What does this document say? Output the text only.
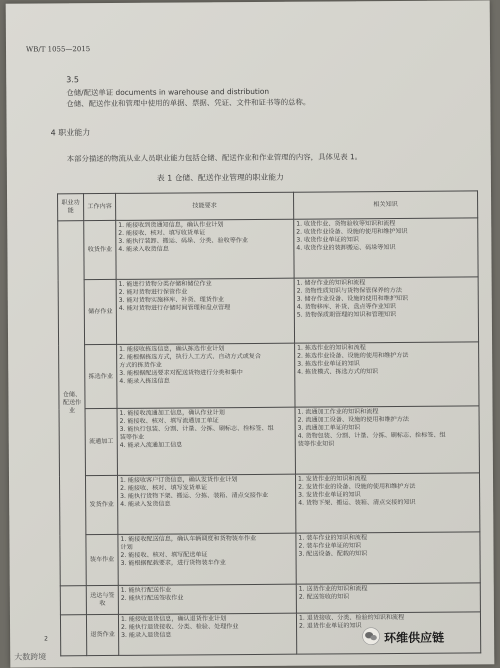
WB/T 1055—2015
3.5
仓储/配送单证 documents in warehouse and distribution
仓储、配送作业和管理中使用的单据、票据、凭证、文件和证书等的总称。
4 职业能力
本部分描述的物流从业人员职业能力包括仓储、配送作业和作业管理的内容，具体见表 1。
表 1 仓储、配送作业管理的职业能力
职业功能	工作内容	技能要求	相关知识
仓储、配送作业	收货作业	1. 能接收到货通知信息，确认作业计划
2. 能接收、核对、填写收货单证
3. 能执行装卸、搬运、码垛、分类、验收等作业
4. 能录入收货信息	1. 收货作业、货物验收等知识和流程
2. 收货作业设备、设施的使用和维护知识
3. 收货作业单证的知识
4. 收货作业的装卸搬运、码垛等知识

	储存作业	1. 能进行货物分类存储和储位作业
2. 能对货物进行保管作业
3. 能对货物实施移库、补货、理货作业
4. 能对货物进行存储时间管理和盘点管理	1. 储存作业的知识和流程
2. 货物性质知识与货物保管保养的方法
3. 储存作业设备、设施的使用和维护知识
4. 货物移库、补货、盘点等作业知识
5. 货物保质期管理的知识和管理知识

	拣选作业	1. 能接收拣选信息，确认拣选作业计划
2. 能根据拣选方式，执行人工方式、自动方式或复合
方式的拣货作业
3. 能根据配送要求对配送货物进行分类和集中
4. 能录入拣选信息	1. 拣选作业的知识和流程
2. 拣选作业设备、设施的使用和维护方法
3. 拣选作业单证的知识
4. 拣货模式、拣选方式的知识

	流通加工	1. 能接收流通加工信息，确认作业计划
2. 能接收、核对、填写流通加工单证
3. 能执行包装、分割、计量、分拣、刷标志、拴标签、组
装等作业
4. 能录入流通加工信息	1. 流通加工作业的知识和流程
2. 流通加工设备、设施的使用和维护方法
3. 流通加工单证的知识
4. 货物包装、分割、计量、分拣、刷标志、拴标签、组
装等作业知识

	发货作业	1. 能接收客户订货信息，确认发货作业计划
2. 能接收、核对、填写发货单证
3. 能执行货物下架、搬运、分拣、装箱、清点交接作业
4. 能录入发货信息	1. 发货作业的知识和流程
2. 发货作业的设备、设施的使用和维护方法
3. 发货作业单证的知识
4. 货物下架、搬运、装箱、清点交接的知识

	装车作业	1. 能接收配送信息，确认车辆调度和货物装车作业
计划
2. 能接收、核对、填写配送单证
3. 能根据配载要求，进行货物装车作业	1. 装车作业的知识和流程
2. 装车作业单证的知识
3. 配送设备、配载的知识

	送达与签收	1. 能执行配送作业
2. 能执行配送签收作业	1. 送货作业的知识和流程
2. 配送签收的知识

	退货作业	1. 能接收退货信息，确认退货作业计划
2. 能执行退货接收、分类、检验、处理作业
3. 能录入退货信息	1. 退货接收、分类、检验的知识和流程
2. 退货作业单证的知识
2	环维供应链
大数跨境
